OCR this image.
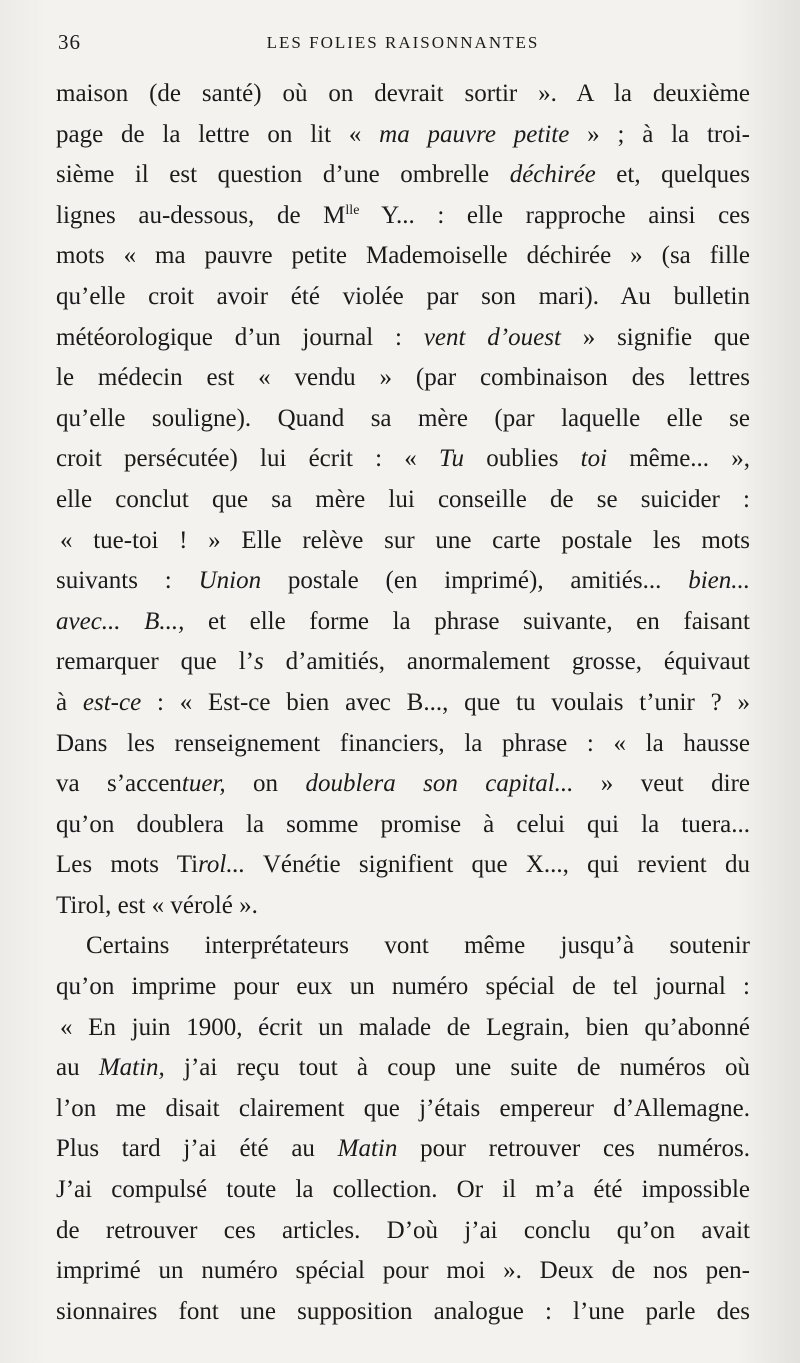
36	LES FOLIES RAISONNANTES
maison (de santé) où on devrait sortir ». A la deuxième
page de la lettre on lit « ma pauvre petite » ; à la troi-
sième il est question d’une ombrelle déchirée et, quelques
lignes au-dessous, de $M^{lle}$ Y... : elle rapproche ainsi ces
mots « ma pauvre petite Mademoiselle déchirée » (sa fille
qu’elle croit avoir été violée par son mari). Au bulletin
météorologique d’un journal : vent d’ouest » signifie que
le médecin est « vendu » (par combinaison des lettres
qu’elle souligne). Quand sa mère (par laquelle elle se
croit persécutée) lui écrit : « Tu oublies toi même... »,
elle conclut que sa mère lui conseille de se suicider :
« tue-toi ! » Elle relève sur une carte postale les mots
suivants : Union postale (en imprimé), amitiés... bien...
avec... B..., et elle forme la phrase suivante, en faisant
remarquer que l’s d’amitiés, anormalement grosse, équivaut
à est-ce : « Est-ce bien avec B..., que tu voulais t’unir ? »
Dans les renseignement financiers, la phrase : « la hausse
va s’accentuer, on doublera son capital... » veut dire
qu’on doublera la somme promise à celui qui la tuera...
Les mots Tirol... Vénétie signifient que X..., qui revient du
Tirol, est « vérolé ».
Certains interprétateurs vont même jusqu’à soutenir
qu’on imprime pour eux un numéro spécial de tel journal :
« En juin 1900, écrit un malade de Legrain, bien qu’abonné
au Matin, j’ai reçu tout à coup une suite de numéros où
l’on me disait clairement que j’étais empereur d’Allemagne.
Plus tard j’ai été au Matin pour retrouver ces numéros.
J’ai compulsé toute la collection. Or il m’a été impossible
de retrouver ces articles. D’où j’ai conclu qu’on avait
imprimé un numéro spécial pour moi ». Deux de nos pen-
sionnaires font une supposition analogue : l’une parle des
